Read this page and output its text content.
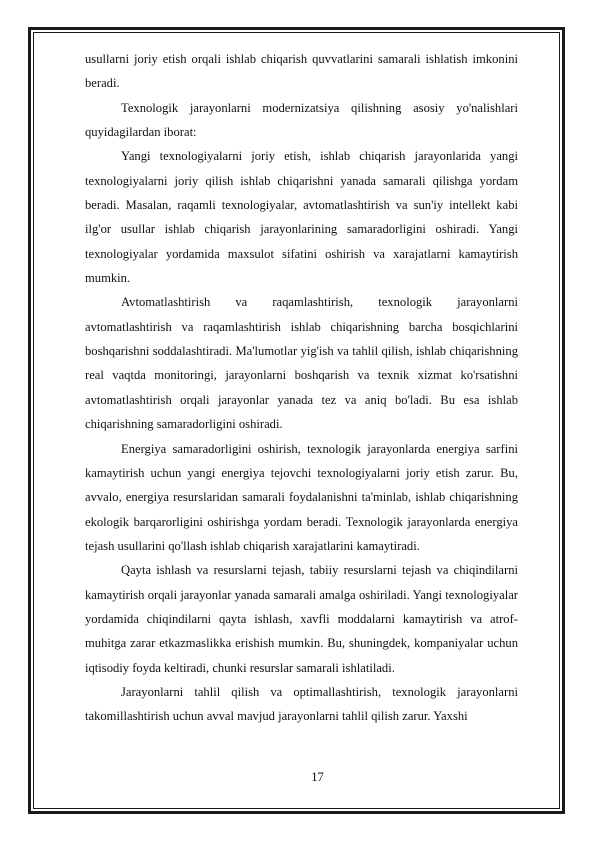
usullarni joriy etish orqali ishlab chiqarish quvvatlarini samarali ishlatish imkonini beradi.

Texnologik jarayonlarni modernizatsiya qilishning asosiy yo'nalishlari quyidagilardan iborat:

Yangi texnologiyalarni joriy etish, ishlab chiqarish jarayonlarida yangi texnologiyalarni joriy qilish ishlab chiqarishni yanada samarali qilishga yordam beradi. Masalan, raqamli texnologiyalar, avtomatlashtirish va sun'iy intellekt kabi ilg'or usullar ishlab chiqarish jarayonlarining samaradorligini oshiradi. Yangi texnologiyalar yordamida maxsulot sifatini oshirish va xarajatlarni kamaytirish mumkin.

Avtomatlashtirish va raqamlashtirish, texnologik jarayonlarni avtomatlashtirish va raqamlashtirish ishlab chiqarishning barcha bosqichlarini boshqarishni soddalashtiradi. Ma'lumotlar yig'ish va tahlil qilish, ishlab chiqarishning real vaqtda monitoringi, jarayonlarni boshqarish va texnik xizmat ko'rsatishni avtomatlashtirish orqali jarayonlar yanada tez va aniq bo'ladi. Bu esa ishlab chiqarishning samaradorligini oshiradi.

Energiya samaradorligini oshirish, texnologik jarayonlarda energiya sarfini kamaytirish uchun yangi energiya tejovchi texnologiyalarni joriy etish zarur. Bu, avvalo, energiya resurslaridan samarali foydalanishni ta'minlab, ishlab chiqarishning ekologik barqarorligini oshirishga yordam beradi. Texnologik jarayonlarda energiya tejash usullarini qo'llash ishlab chiqarish xarajatlarini kamaytiradi.

Qayta ishlash va resurslarni tejash, tabiiy resurslarni tejash va chiqindilarni kamaytirish orqali jarayonlar yanada samarali amalga oshiriladi. Yangi texnologiyalar yordamida chiqindilarni qayta ishlash, xavfli moddalarni kamaytirish va atrof-muhitga zarar etkazmaslikka erishish mumkin. Bu, shuningdek, kompaniyalar uchun iqtisodiy foyda keltiradi, chunki resurslar samarali ishlatiladi.

Jarayonlarni tahlil qilish va optimallashtirish, texnologik jarayonlarni takomillashtirish uchun avval mavjud jarayonlarni tahlil qilish zarur. Yaxshi

17
